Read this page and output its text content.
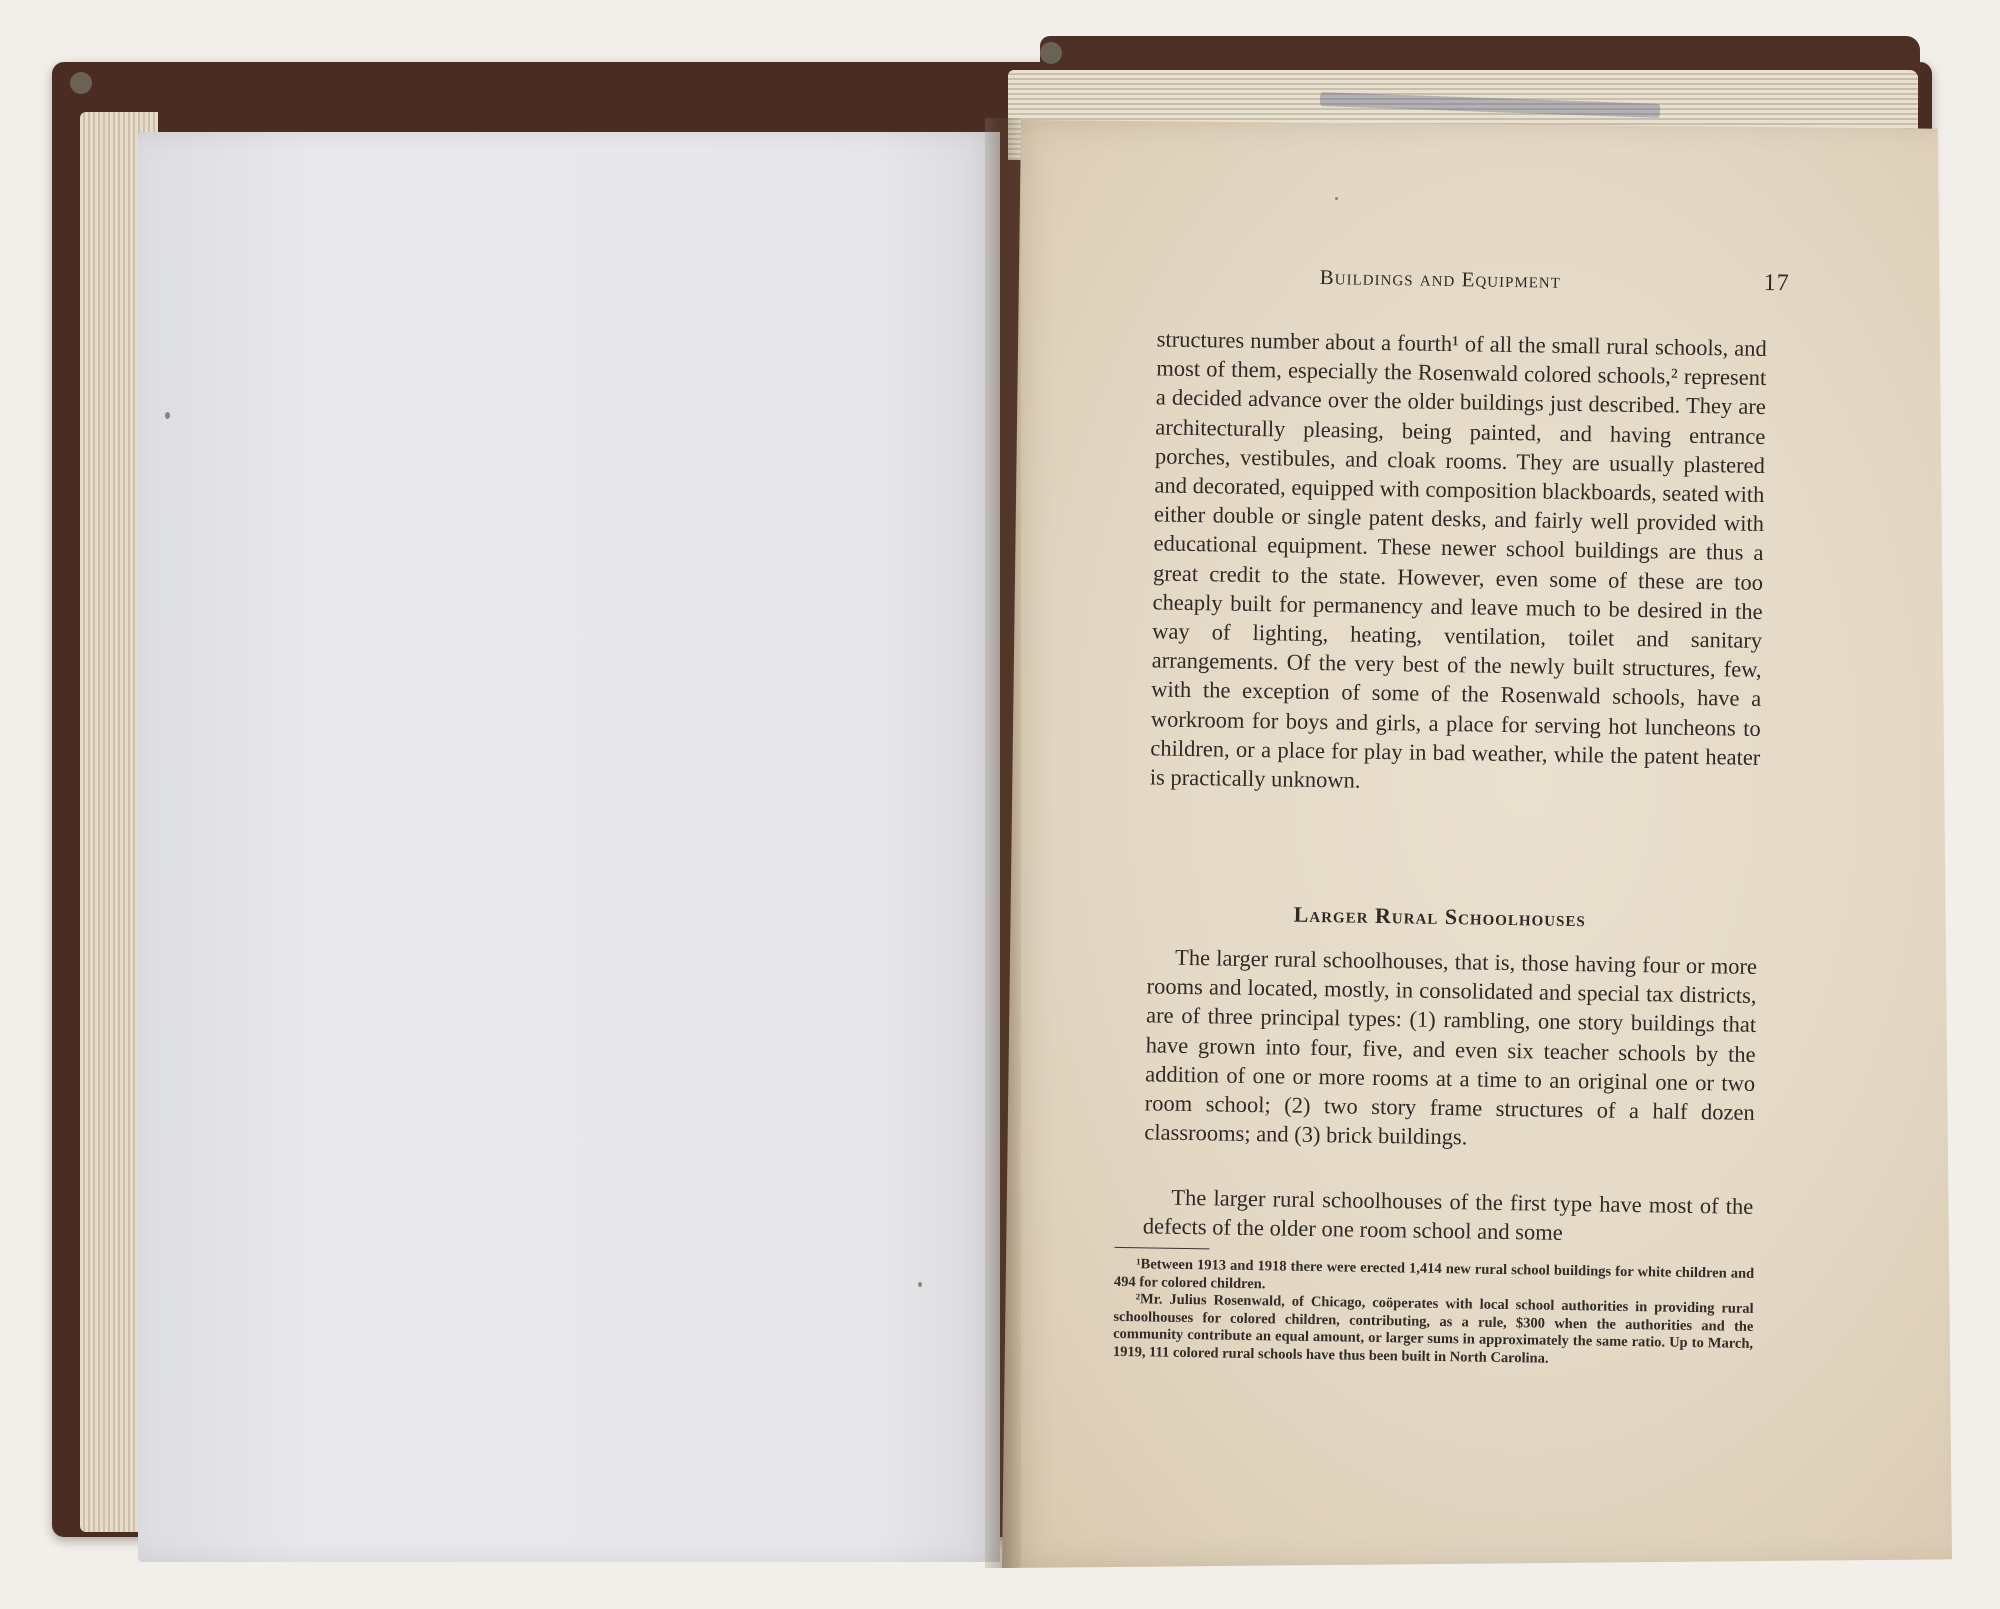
Buildings and Equipment	17

structures number about a fourth¹ of all the small rural schools, and most of them, especially the Rosenwald colored schools,² represent a decided advance over the older buildings just described. They are architecturally pleasing, being painted, and having entrance porches, vestibules, and cloak rooms. They are usually plastered and decorated, equipped with composition blackboards, seated with either double or single patent desks, and fairly well provided with educational equipment. These newer school buildings are thus a great credit to the state. However, even some of these are too cheaply built for permanency and leave much to be desired in the way of lighting, heating, ventilation, toilet and sanitary arrangements. Of the very best of the newly built structures, few, with the exception of some of the Rosenwald schools, have a workroom for boys and girls, a place for serving hot luncheons to children, or a place for play in bad weather, while the patent heater is practically unknown.

Larger Rural Schoolhouses

The larger rural schoolhouses, that is, those having four or more rooms and located, mostly, in consolidated and special tax districts, are of three principal types: (1) rambling, one story buildings that have grown into four, five, and even six teacher schools by the addition of one or more rooms at a time to an original one or two room school; (2) two story frame structures of a half dozen classrooms; and (3) brick buildings.

The larger rural schoolhouses of the first type have most of the defects of the older one room school and some

¹Between 1913 and 1918 there were erected 1,414 new rural school buildings for white children and 494 for colored children.

²Mr. Julius Rosenwald, of Chicago, coöperates with local school authorities in providing rural schoolhouses for colored children, contributing, as a rule, $300 when the authorities and the community contribute an equal amount, or larger sums in approximately the same ratio. Up to March, 1919, 111 colored rural schools have thus been built in North Carolina.
